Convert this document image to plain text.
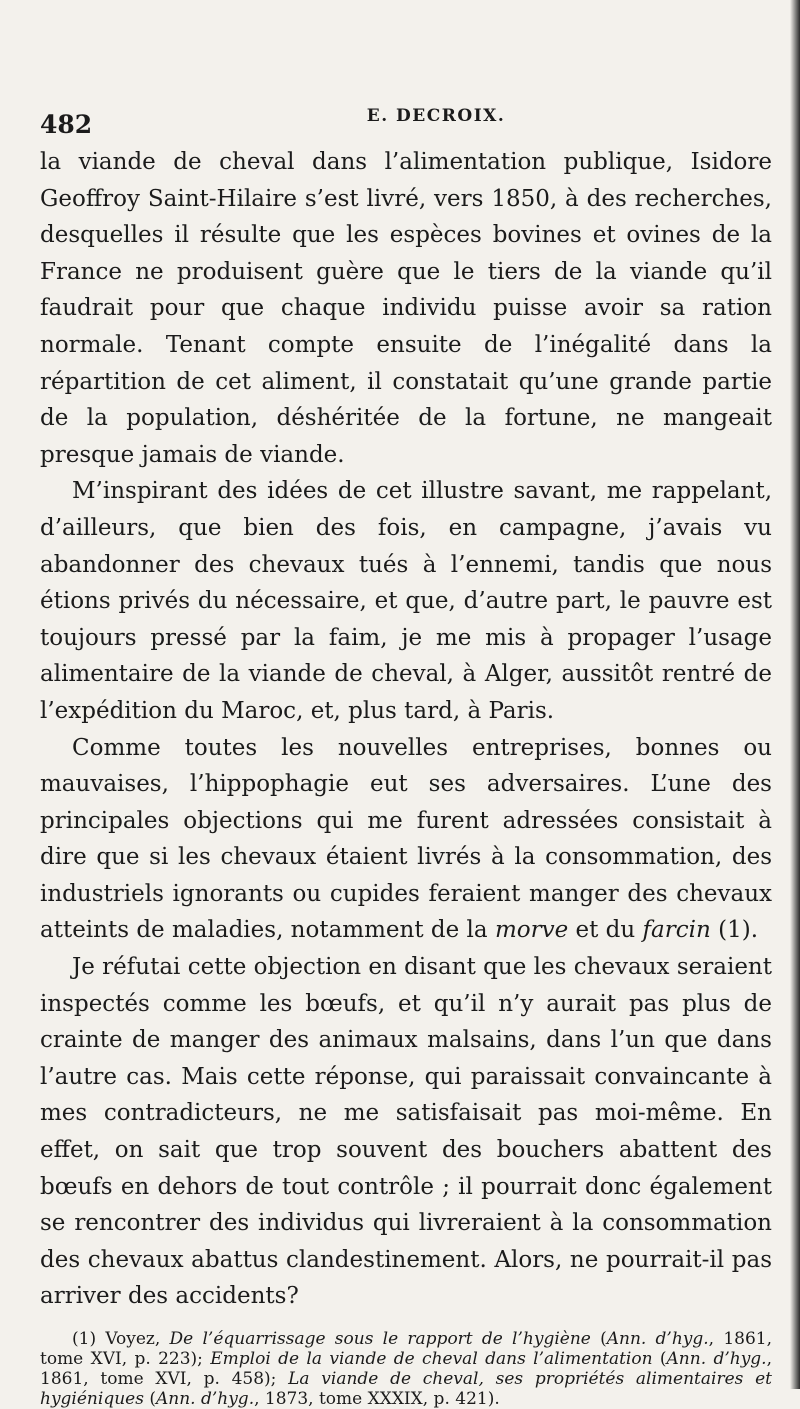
482	E. DECROIX.

la viande de cheval dans l’alimentation publique, Isidore Geoffroy Saint-Hilaire s’est livré, vers 1850, à des recherches, desquelles il résulte que les espèces bovines et ovines de la France ne produisent guère que le tiers de la viande qu’il faudrait pour que chaque individu puisse avoir sa ration normale. Tenant compte ensuite de l’inégalité dans la répartition de cet aliment, il constatait qu’une grande partie de la population, déshéritée de la fortune, ne mangeait presque jamais de viande.

M’inspirant des idées de cet illustre savant, me rappelant, d’ailleurs, que bien des fois, en campagne, j’avais vu abandonner des chevaux tués à l’ennemi, tandis que nous étions privés du nécessaire, et que, d’autre part, le pauvre est toujours pressé par la faim, je me mis à propager l’usage alimentaire de la viande de cheval, à Alger, aussitôt rentré de l’expédition du Maroc, et, plus tard, à Paris.

Comme toutes les nouvelles entreprises, bonnes ou mauvaises, l’hippophagie eut ses adversaires. L’une des principales objections qui me furent adressées consistait à dire que si les chevaux étaient livrés à la consommation, des industriels ignorants ou cupides feraient manger des chevaux atteints de maladies, notamment de la morve et du farcin (1).

Je réfutai cette objection en disant que les chevaux seraient inspectés comme les bœufs, et qu’il n’y aurait pas plus de crainte de manger des animaux malsains, dans l’un que dans l’autre cas. Mais cette réponse, qui paraissait convaincante à mes contradicteurs, ne me satisfaisait pas moi-même. En effet, on sait que trop souvent des bouchers abattent des bœufs en dehors de tout contrôle ; il pourrait donc également se rencontrer des individus qui livreraient à la consommation des chevaux abattus clandestinement. Alors, ne pourrait-il pas arriver des accidents?

(1) Voyez, De l’équarrissage sous le rapport de l’hygiène (Ann. d’hyg., 1861, tome XVI, p. 223); Emploi de la viande de cheval dans l’alimentation (Ann. d’hyg., 1861, tome XVI, p. 458); La viande de cheval, ses propriétés alimentaires et hygiéniques (Ann. d’hyg., 1873, tome XXXIX, p. 421).
